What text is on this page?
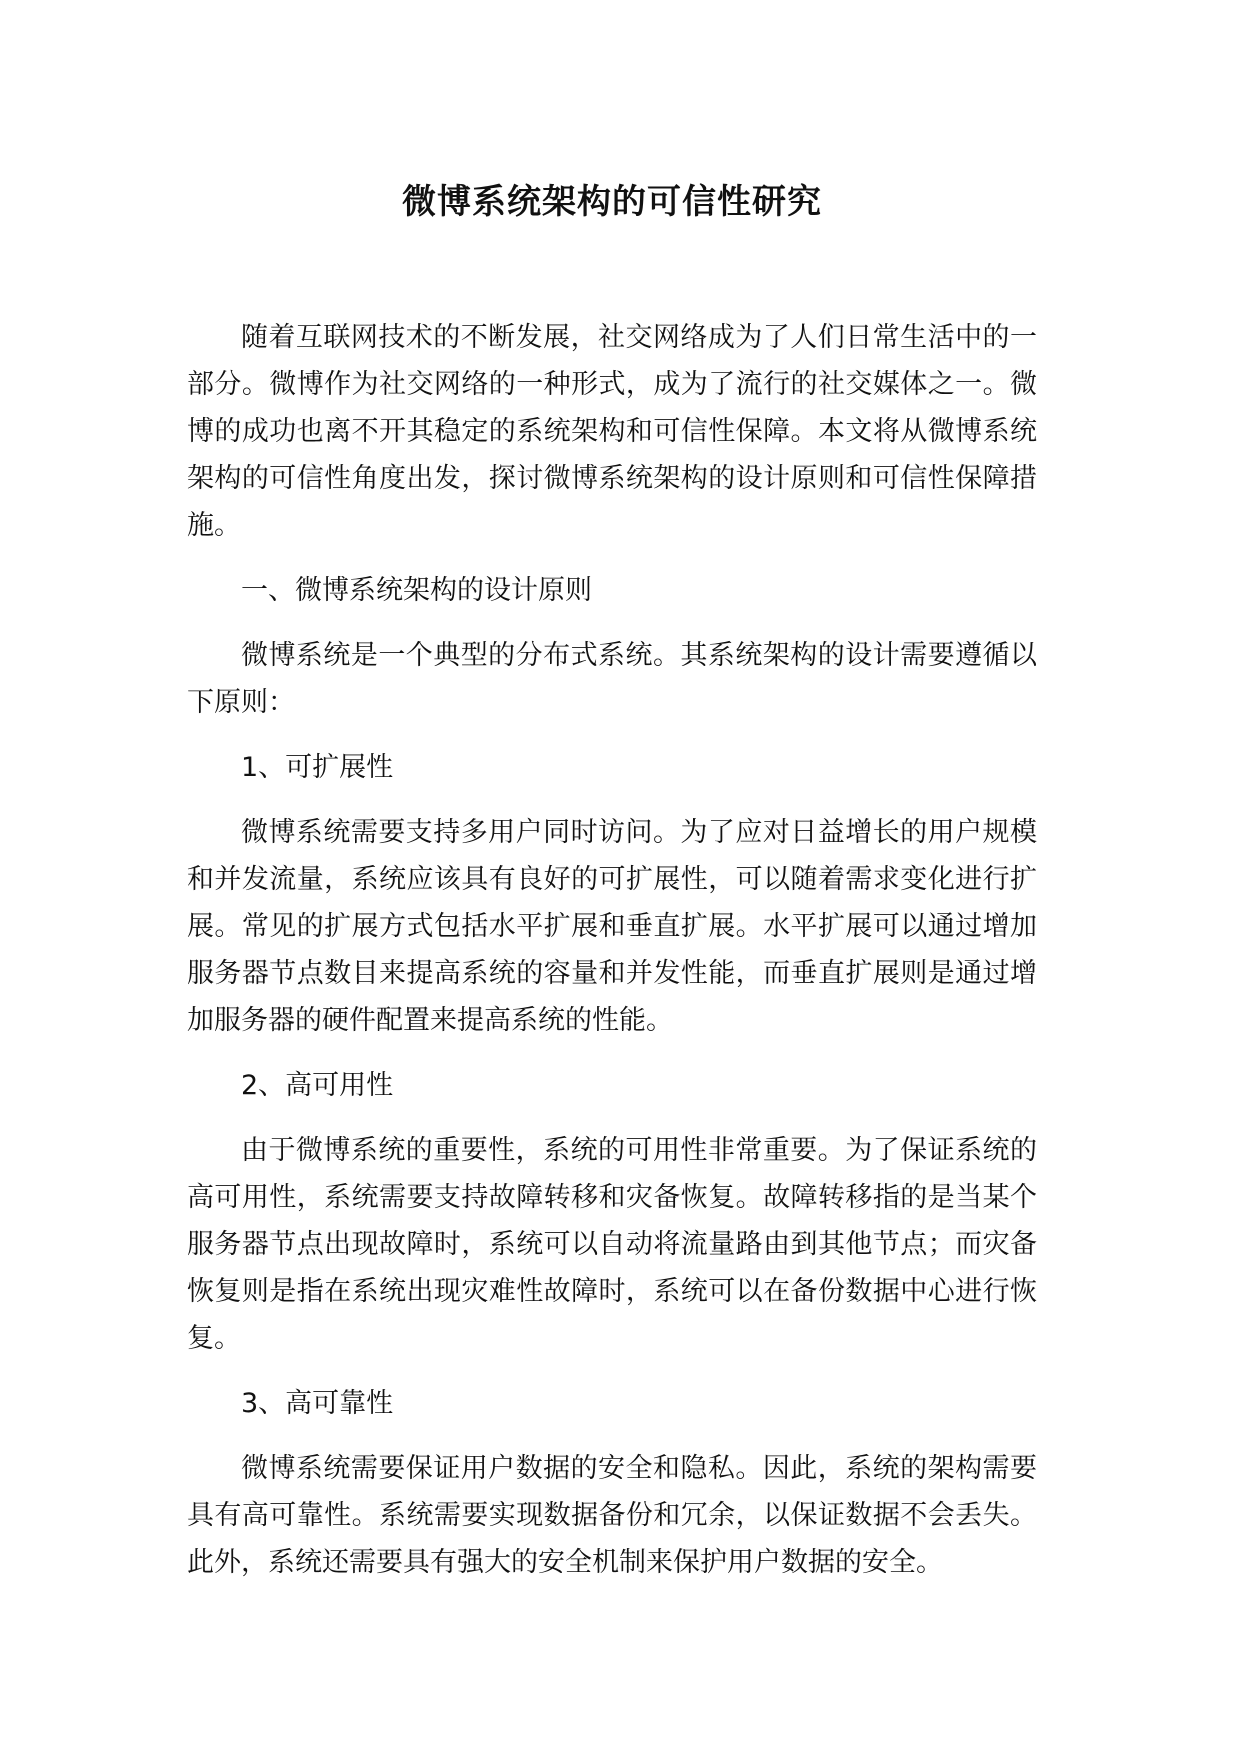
微博系统架构的可信性研究

随着互联网技术的不断发展，社交网络成为了人们日常生活中的一部分。微博作为社交网络的一种形式，成为了流行的社交媒体之一。微博的成功也离不开其稳定的系统架构和可信性保障。本文将从微博系统架构的可信性角度出发，探讨微博系统架构的设计原则和可信性保障措施。

一、微博系统架构的设计原则

微博系统是一个典型的分布式系统。其系统架构的设计需要遵循以下原则：

1、可扩展性

微博系统需要支持多用户同时访问。为了应对日益增长的用户规模和并发流量，系统应该具有良好的可扩展性，可以随着需求变化进行扩展。常见的扩展方式包括水平扩展和垂直扩展。水平扩展可以通过增加服务器节点数目来提高系统的容量和并发性能，而垂直扩展则是通过增加服务器的硬件配置来提高系统的性能。

2、高可用性

由于微博系统的重要性，系统的可用性非常重要。为了保证系统的高可用性，系统需要支持故障转移和灾备恢复。故障转移指的是当某个服务器节点出现故障时，系统可以自动将流量路由到其他节点；而灾备恢复则是指在系统出现灾难性故障时，系统可以在备份数据中心进行恢复。

3、高可靠性

微博系统需要保证用户数据的安全和隐私。因此，系统的架构需要具有高可靠性。系统需要实现数据备份和冗余，以保证数据不会丢失。此外，系统还需要具有强大的安全机制来保护用户数据的安全。
